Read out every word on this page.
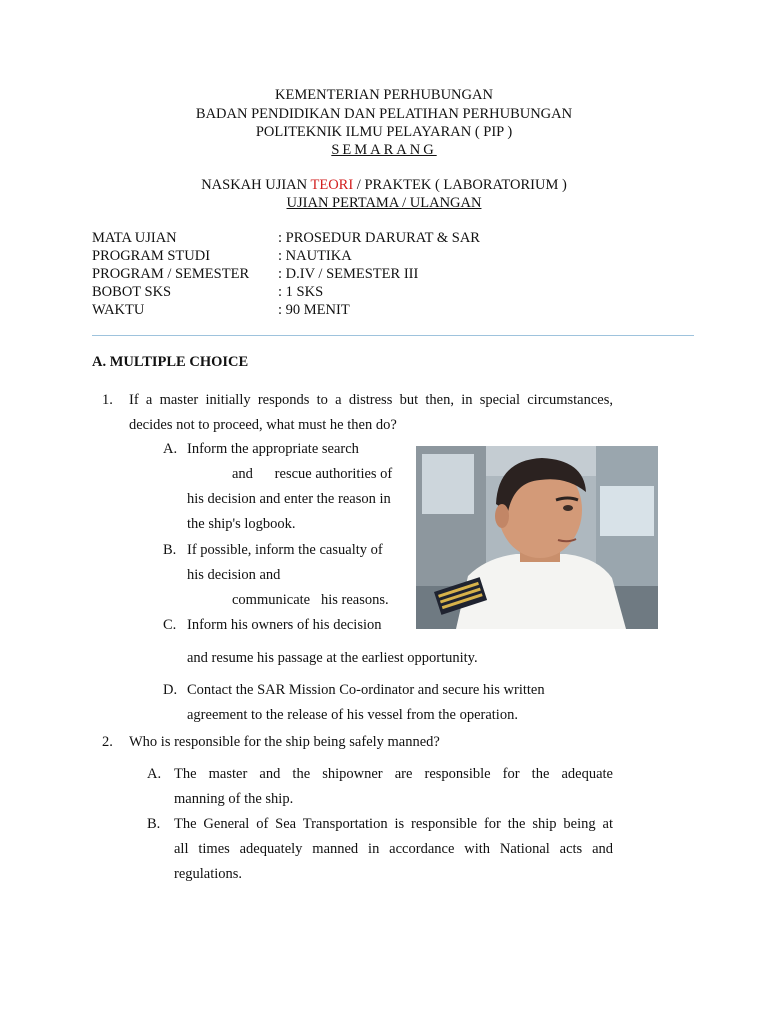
KEMENTERIAN PERHUBUNGAN
BADAN PENDIDIKAN DAN PELATIHAN PERHUBUNGAN
POLITEKNIK ILMU PELAYARAN ( PIP )
SEMARANG
NASKAH UJIAN TEORI / PRAKTEK ( LABORATORIUM )
UJIAN PERTAMA / ULANGAN
MATA UJIAN	: PROSEDUR DARURAT & SAR
PROGRAM STUDI	: NAUTIKA
PROGRAM / SEMESTER	: D.IV / SEMESTER III
BOBOT SKS	: 1 SKS
WAKTU	: 90 MENIT
A. MULTIPLE CHOICE
1. If a master initially responds to a distress but then, in special circumstances,
decides not to proceed, what must he then do?
A. Inform the appropriate search
and      rescue authorities of
his decision and enter the reason in
the ship's logbook.
B. If possible, inform the casualty of
his decision and
communicate   his reasons.
C. Inform his owners of his decision
and resume his passage at the earliest opportunity.
D. Contact the SAR Mission Co-ordinator and secure his written
agreement to the release of his vessel from the operation.
2. Who is responsible for the ship being safely manned?
A. The master and the shipowner are responsible for the adequate
manning of the ship.
B. The General of Sea Transportation is responsible for the ship being at
all times adequately manned in accordance with National acts and
regulations.
